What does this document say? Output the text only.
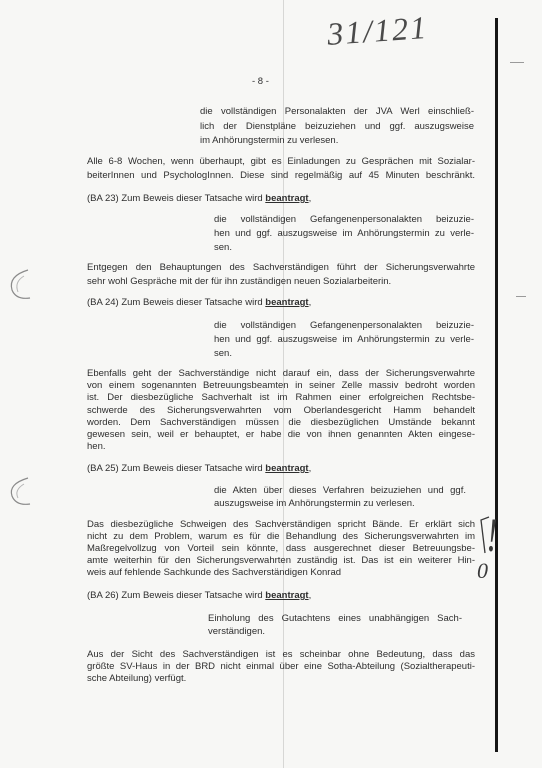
31/121
- 8 -
die vollständigen Personalakten der JVA Werl einschließ-
lich der Dienstpläne beizuziehen und ggf. auszugsweise
im Anhörungstermin zu verlesen.
Alle 6-8 Wochen, wenn überhaupt, gibt es Einladungen zu Gesprächen mit Sozialar-
beiterInnen und PsychologInnen. Diese sind regelmäßig auf 45 Minuten beschränkt.
(BA 23) Zum Beweis dieser Tatsache wird beantragt,
die vollständigen Gefangenenpersonalakten beizuzie-
hen und ggf. auszugsweise im Anhörungstermin zu verle-
sen.
Entgegen den Behauptungen des Sachverständigen führt der Sicherungsverwahrte
sehr wohl Gespräche mit der für ihn zuständigen neuen Sozialarbeiterin.
(BA 24) Zum Beweis dieser Tatsache wird beantragt,
die vollständigen Gefangenenpersonalakten beizuzie-
hen und ggf. auszugsweise im Anhörungstermin zu verle-
sen.
Ebenfalls geht der Sachverständige nicht darauf ein, dass der Sicherungsverwahrte
von einem sogenannten Betreuungsbeamten in seiner Zelle massiv bedroht worden
ist. Der diesbezügliche Sachverhalt ist im Rahmen einer erfolgreichen Rechtsbe-
schwerde des Sicherungsverwahrten vom Oberlandesgericht Hamm behandelt
worden. Dem Sachverständigen müssen die diesbezüglichen Umstände bekannt
gewesen sein, weil er behauptet, er habe die von ihnen genannten Akten eingese-
hen.
(BA 25) Zum Beweis dieser Tatsache wird beantragt,
die Akten über dieses Verfahren beizuziehen und ggf.
auszugsweise im Anhörungstermin zu verlesen.
Das diesbezügliche Schweigen des Sachverständigen spricht Bände. Er erklärt sich
nicht zu dem Problem, warum es für die Behandlung des Sicherungsverwahrten im
Maßregelvollzug von Vorteil sein könnte, dass ausgerechnet dieser Betreuungsbe-
amte weiterhin für den Sicherungsverwahrten zuständig ist. Das ist ein weiterer Hin-
weis auf fehlende Sachkunde des Sachverständigen Konrad
!
0
(BA 26) Zum Beweis dieser Tatsache wird beantragt,
Einholung des Gutachtens eines unabhängigen Sach-
verständigen.
Aus der Sicht des Sachverständigen ist es scheinbar ohne Bedeutung, dass das
größte SV-Haus in der BRD nicht einmal über eine Sotha-Abteilung (Sozialtherapeuti-
sche Abteilung) verfügt.
